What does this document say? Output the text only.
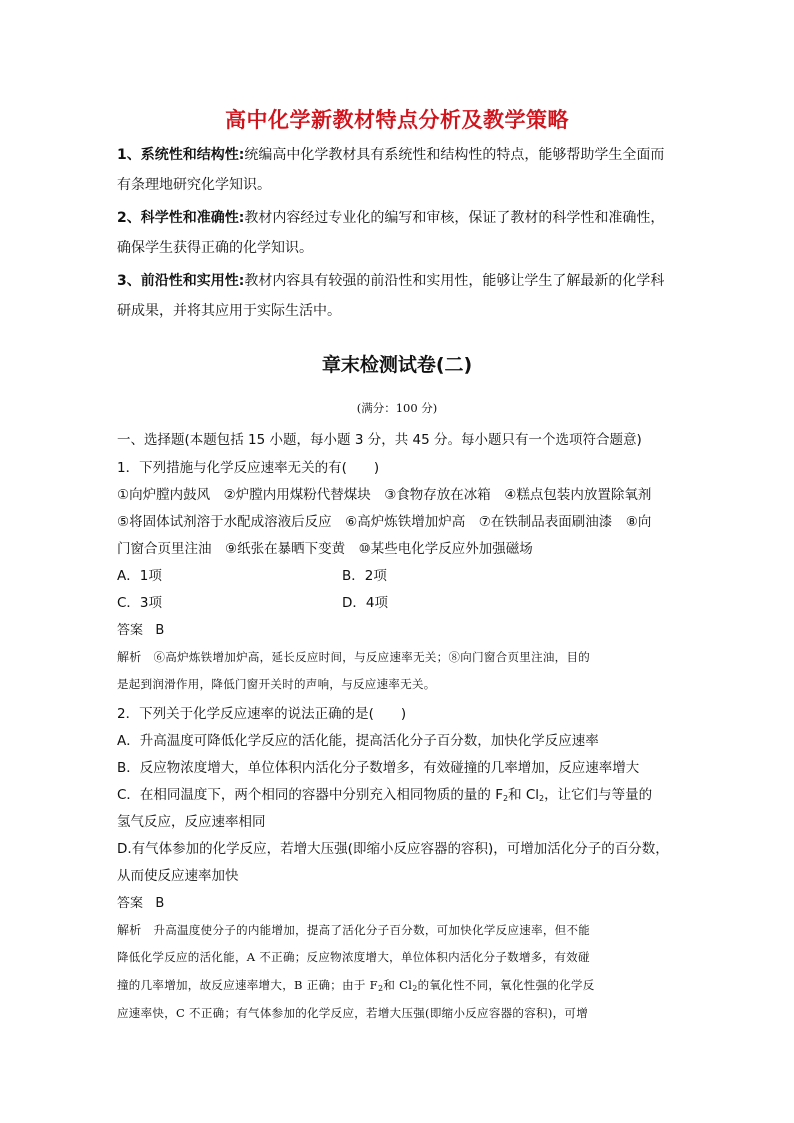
高中化学新教材特点分析及教学策略
1、系统性和结构性:统编高中化学教材具有系统性和结构性的特点，能够帮助学生全面而
有条理地研究化学知识。
2、科学性和准确性:教材内容经过专业化的编写和审核，保证了教材的科学性和准确性，
确保学生获得正确的化学知识。
3、前沿性和实用性:教材内容具有较强的前沿性和实用性，能够让学生了解最新的化学科
研成果，并将其应用于实际生活中。
章末检测试卷(二)
(满分：100 分)
一、选择题(本题包括 15 小题，每小题 3 分，共 45 分。每小题只有一个选项符合题意)
1．下列措施与化学反应速率无关的有(　　)
①向炉膛内鼓风　②炉膛内用煤粉代替煤块　③食物存放在冰箱　④糕点包装内放置除氧剂
⑤将固体试剂溶于水配成溶液后反应　⑥高炉炼铁增加炉高　⑦在铁制品表面刷油漆　⑧向
门窗合页里注油　⑨纸张在暴晒下变黄　⑩某些电化学反应外加强磁场
A．1项	B．2项
C．3项	D．4项
答案 B
解析 ⑥高炉炼铁增加炉高，延长反应时间，与反应速率无关；⑧向门窗合页里注油，目的
是起到润滑作用，降低门窗开关时的声响，与反应速率无关。
2．下列关于化学反应速率的说法正确的是(　　)
A．升高温度可降低化学反应的活化能，提高活化分子百分数，加快化学反应速率
B．反应物浓度增大，单位体积内活化分子数增多，有效碰撞的几率增加，反应速率增大
C．在相同温度下，两个相同的容器中分别充入相同物质的量的 $F_2$和 $Cl_2$，让它们与等量的
氢气反应，反应速率相同
D.有气体参加的化学反应，若增大压强(即缩小反应容器的容积)，可增加活化分子的百分数，
从而使反应速率加快
答案 B
解析 升高温度使分子的内能增加，提高了活化分子百分数，可加快化学反应速率，但不能
降低化学反应的活化能，A 不正确；反应物浓度增大，单位体积内活化分子数增多，有效碰
撞的几率增加，故反应速率增大，B 正确；由于 $F_2$和 $Cl_2$的氧化性不同，氧化性强的化学反
应速率快，C 不正确；有气体参加的化学反应，若增大压强(即缩小反应容器的容积)，可增
